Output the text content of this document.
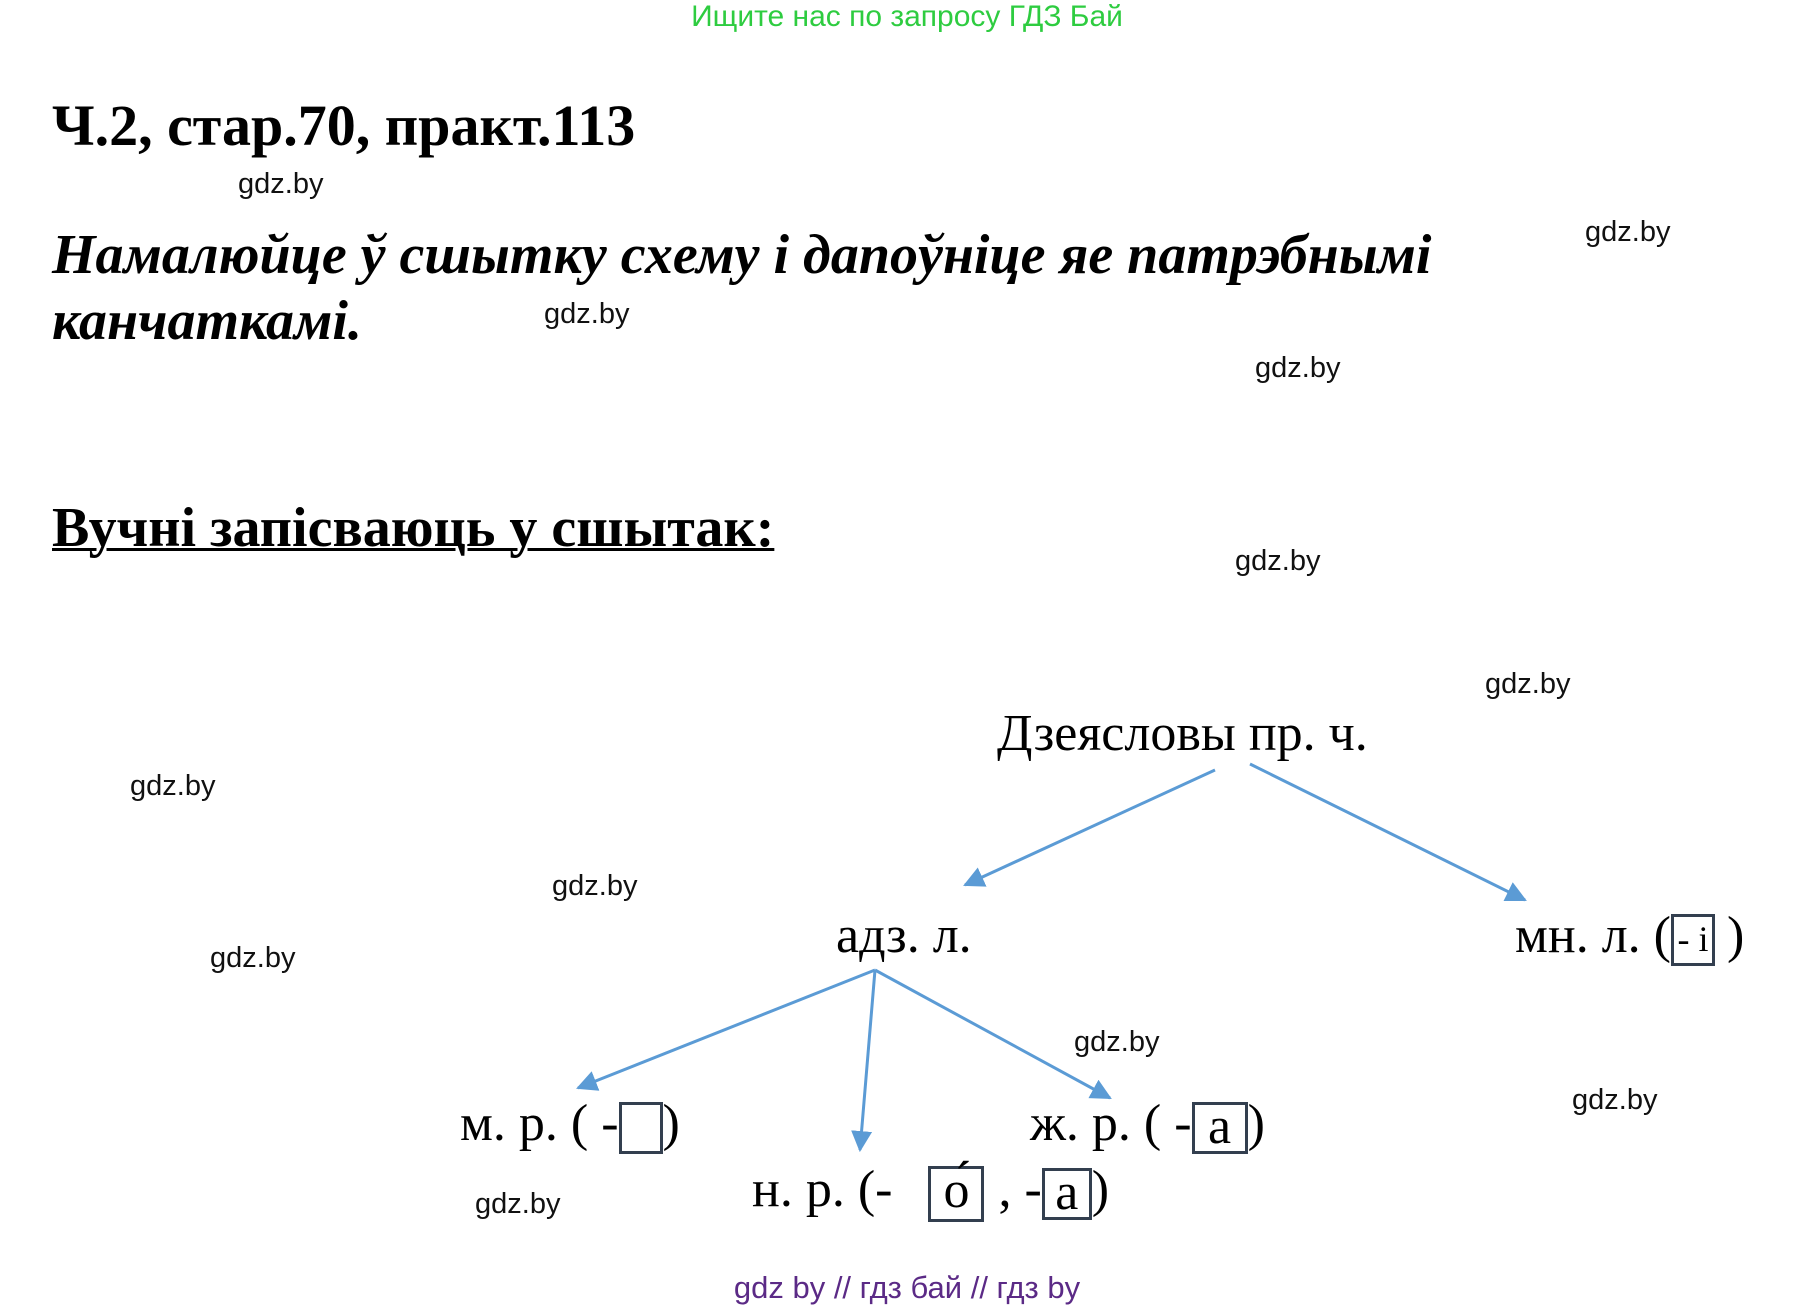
Ищите нас по запросу ГДЗ Бай
Ч.2, стар.70, практ.113
Намалюйце ў сшытку схему і дапоўніце яе патрэбнымі канчаткамі.
Вучні запісваюць у сшытак:
gdz.by
gdz.by
gdz.by
gdz.by
gdz.by
gdz.by
gdz.by
gdz.by
gdz.by
gdz.by
gdz.by
gdz.by
Дзеясловы пр. ч.
адз. л.	мн. л. ( - і )
м. р. ( - )	ж. р. ( - а )
н. р. (- о́ , - а )
gdz by // гдз бай // гдз by
